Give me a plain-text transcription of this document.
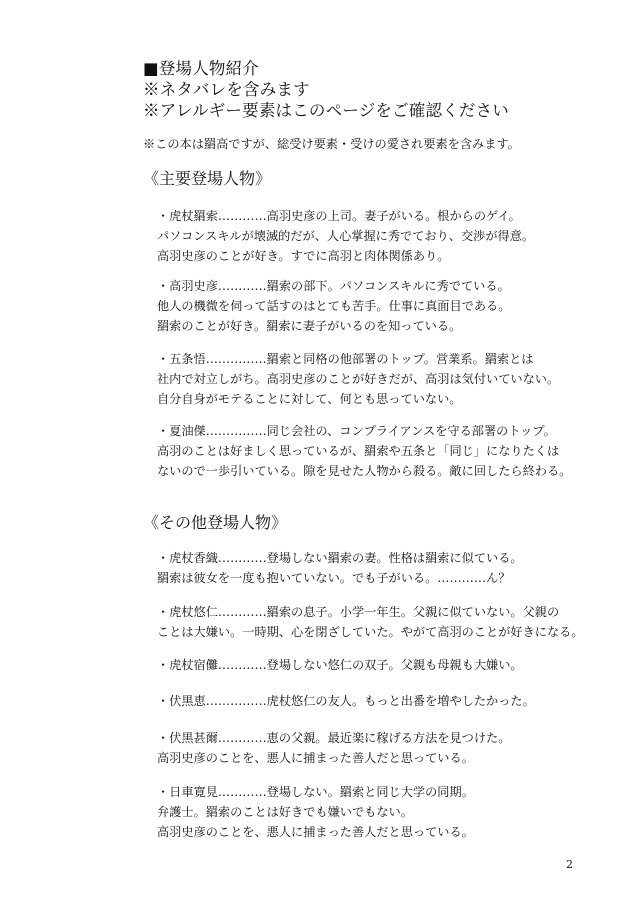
■登場人物紹介
※ネタバレを含みます
※アレルギー要素はこのページをご確認ください
※この本は羂高ですが、総受け要素・受けの愛され要素を含みます。
《主要登場人物》
・虎杖羂索…………高羽史彦の上司。妻子がいる。根からのゲイ。
パソコンスキルが壊滅的だが、人心掌握に秀でており、交渉が得意。
高羽史彦のことが好き。すでに高羽と肉体関係あり。
・高羽史彦…………羂索の部下。パソコンスキルに秀でている。
他人の機微を伺って話すのはとても苦手。仕事に真面目である。
羂索のことが好き。羂索に妻子がいるのを知っている。
・五条悟……………羂索と同格の他部署のトップ。営業系。羂索とは
社内で対立しがち。高羽史彦のことが好きだが、高羽は気付いていない。
自分自身がモテることに対して、何とも思っていない。
・夏油傑……………同じ会社の、コンプライアンスを守る部署のトップ。
高羽のことは好ましく思っているが、羂索や五条と「同じ」になりたくは
ないので一歩引いている。隙を見せた人物から殺る。敵に回したら終わる。
《その他登場人物》
・虎杖香織…………登場しない羂索の妻。性格は羂索に似ている。
羂索は彼女を一度も抱いていない。でも子がいる。…………ん？
・虎杖悠仁…………羂索の息子。小学一年生。父親に似ていない。父親の
ことは大嫌い。一時期、心を閉ざしていた。やがて高羽のことが好きになる。
・虎杖宿儺…………登場しない悠仁の双子。父親も母親も大嫌い。
・伏黒恵……………虎杖悠仁の友人。もっと出番を増やしたかった。
・伏黒甚爾…………恵の父親。最近楽に稼げる方法を見つけた。
高羽史彦のことを、悪人に捕まった善人だと思っている。
・日車寛見…………登場しない。羂索と同じ大学の同期。
弁護士。羂索のことは好きでも嫌いでもない。
高羽史彦のことを、悪人に捕まった善人だと思っている。
2
